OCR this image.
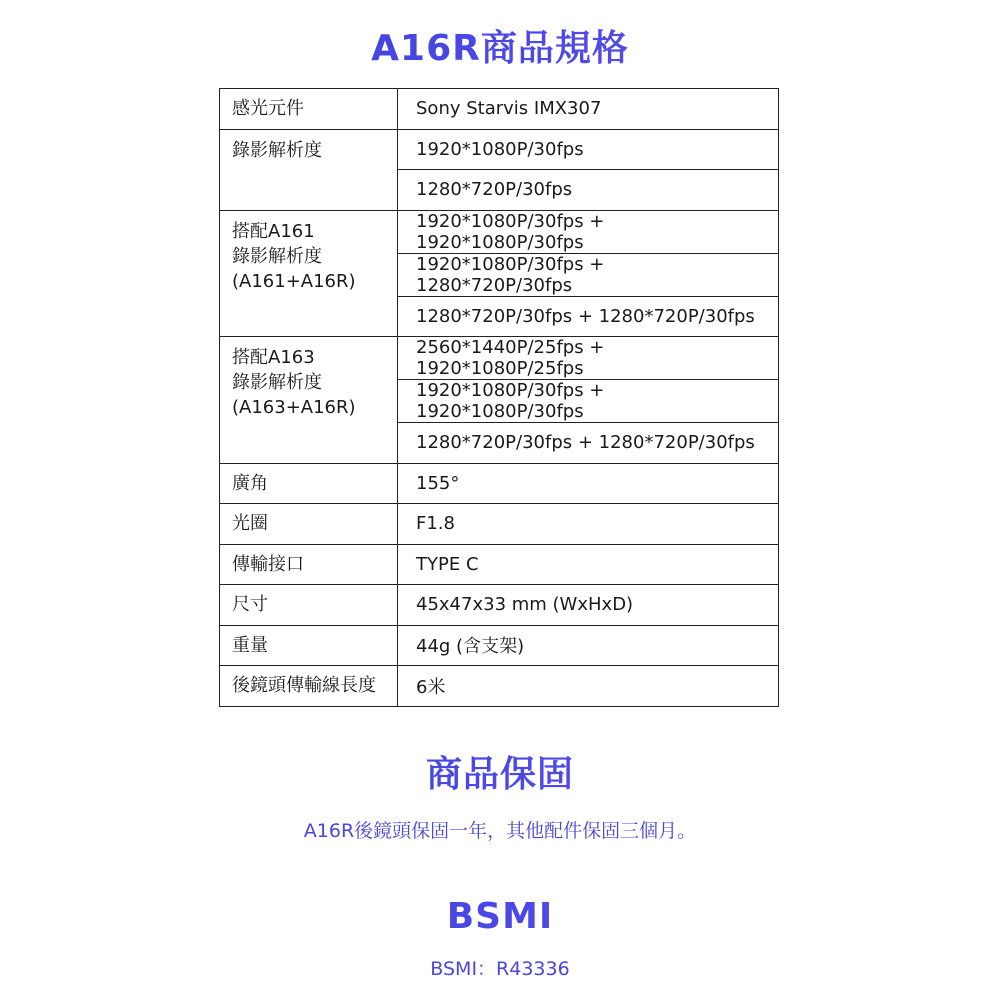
A16R商品規格
感光元件	Sony Starvis IMX307
錄影解析度	1920*1080P/30fps
	1280*720P/30fps
搭配A161
錄影解析度
(A161+A16R)	1920*1080P/30fps + 1920*1080P/30fps
	1920*1080P/30fps + 1280*720P/30fps
	1280*720P/30fps + 1280*720P/30fps
搭配A163
錄影解析度
(A163+A16R)	2560*1440P/25fps + 1920*1080P/25fps
	1920*1080P/30fps + 1920*1080P/30fps
	1280*720P/30fps + 1280*720P/30fps
廣角	155°
光圈	F1.8
傳輸接口	TYPE C
尺寸	45x47x33 mm (WxHxD)
重量	44g (含支架)
後鏡頭傳輸線長度	6米
商品保固
A16R後鏡頭保固一年，其他配件保固三個月。
BSMI
BSMI：R43336
